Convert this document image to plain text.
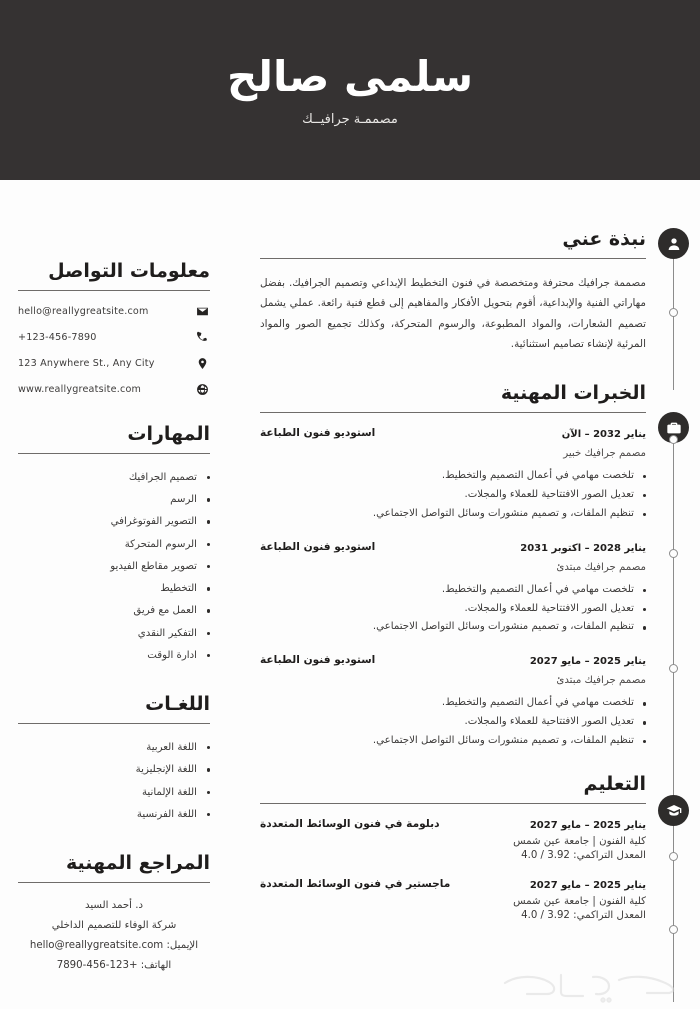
سلمى صالح
مصممـة جرافيــك
نبذة عني
مصممة جرافيك محترفة ومتخصصة في فنون التخطيط الإبداعي وتصميم الجرافيك. بفضل مهاراتي الفنية والإبداعية، أقوم بتحويل الأفكار والمفاهيم إلى قطع فنية رائعة. عملي يشمل تصميم الشعارات، والمواد المطبوعة، والرسوم المتحركة، وكذلك تجميع الصور والمواد المرئية لإنشاء تصاميم استثنائية.
الخبرات المهنية
استوديو فنون الطباعة	يناير 2032 – الآن
مصمم جرافيك خبير
تلخصت مهامي في أعمال التصميم والتخطيط.
تعديل الصور الافتتاحية للعملاء والمجلات.
تنظيم الملفات، و تصميم منشورات وسائل التواصل الاجتماعي.
استوديو فنون الطباعة	يناير 2028 – اكتوبر 2031
مصمم جرافيك مبتدئ
تلخصت مهامي في أعمال التصميم والتخطيط.
تعديل الصور الافتتاحية للعملاء والمجلات.
تنظيم الملفات، و تصميم منشورات وسائل التواصل الاجتماعي.
استوديو فنون الطباعة	يناير 2025 – مايو 2027
مصمم جرافيك مبتدئ
تلخصت مهامي في أعمال التصميم والتخطيط.
تعديل الصور الافتتاحية للعملاء والمجلات.
تنظيم الملفات، و تصميم منشورات وسائل التواصل الاجتماعي.
التعليم
دبلومة في فنون الوسائط المتعددة	يناير 2025 – مايو 2027
كلية الفنون | جامعة عين شمس
المعدل التراكمي: 3.92 / 4.0
ماجستير في فنون الوسائط المتعددة	يناير 2025 – مايو 2027
كلية الفنون | جامعة عين شمس
المعدل التراكمي: 3.92 / 4.0
معلومات التواصل
hello@reallygreatsite.com
+123-456-7890
123 Anywhere St., Any City
www.reallygreatsite.com
المهارات
تصميم الجرافيك
الرسم
التصوير الفوتوغرافي
الرسوم المتحركة
تصوير مقاطع الفيديو
التخطيط
العمل مع فريق
التفكير النقدي
ادارة الوقت
اللغـات
اللغة العربية
اللغة الإنجليزية
اللغة الإلمانية
اللغة الفرنسية
المراجع المهنية
د. أحمد السيد
شركة الوفاء للتصميم الداخلي
الإيميل: hello@reallygreatsite.com
الهاتف: +123-456-7890
